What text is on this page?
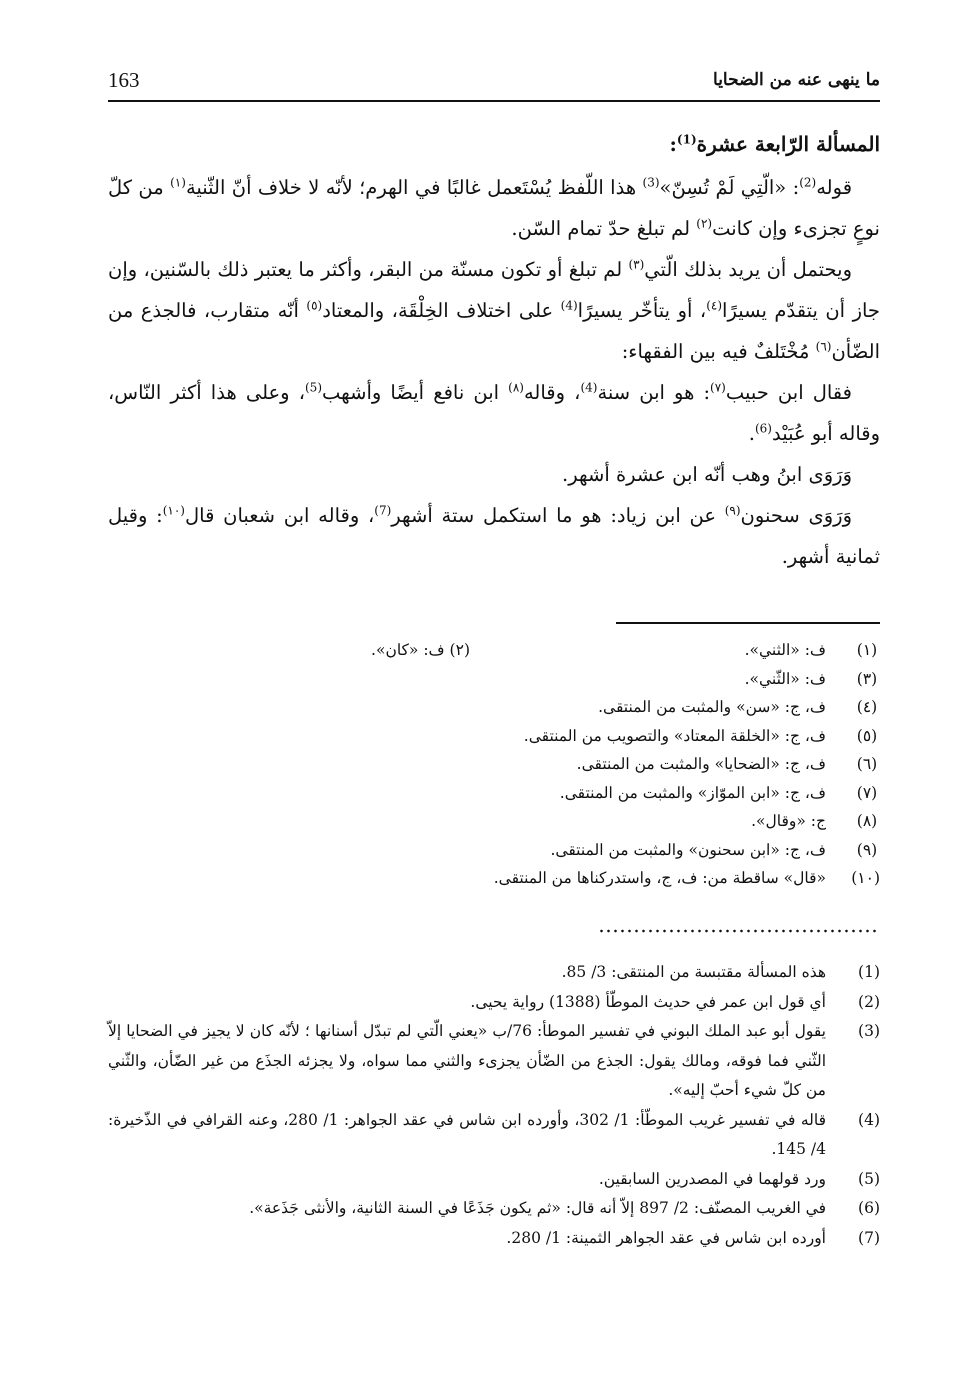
163	ما ينهى عنه من الضحايا

المسألة الرّابعة عشرة$^{(1)}$:

قوله$^{(2)}$: «الّتِي لَمْ تُسِنّ»$^{(3)}$ هذا اللّفظ يُسْتَعمل غالبًا في الهرم؛ لأنّه لا خلاف أنّ الثّنية$^{(١)}$ من كلّ نوعٍ تجزىء وإن كانت$^{(٢)}$ لم تبلغ حدّ تمام السّن.

ويحتمل أن يريد بذلك الّتي$^{(٣)}$ لم تبلغ أو تكون مسنّة من البقر، وأكثر ما يعتبر ذلك بالسّنين، وإن جاز أن يتقدّم يسيرًا$^{(٤)}$، أو يتأخّر يسيرًا$^{(4)}$ على اختلاف الخِلْقَة، والمعتاد$^{(٥)}$ أنّه متقارب، فالجذع من الضّأن$^{(٦)}$ مُخْتَلفٌ فيه بين الفقهاء:

فقال ابن حبيب$^{(٧)}$: هو ابن سنة$^{(4)}$، وقاله$^{(٨)}$ ابن نافع أيضًا وأشهب$^{(5)}$، وعلى هذا أكثر النّاس، وقاله أبو عُبَيْد$^{(6)}$.

وَرَوَى ابنُ وهب أنّه ابن عشرة أشهر.

وَرَوَى سحنون$^{(٩)}$ عن ابن زياد: هو ما استكمل ستة أشهر$^{(7)}$، وقاله ابن شعبان قال$^{(١٠)}$: وقيل ثمانية أشهر.

(١)
ف: «الثني».
(٢) ف: «كان».
(٣)
ف: «الثّني».
(٤)
ف، ج: «سن» والمثبت من المنتقى.
(٥)
ف، ج: «الخلقة المعتاد» والتصويب من المنتقى.
(٦)
ف، ج: «الضحايا» والمثبت من المنتقى.
(٧)
ف، ج: «ابن الموّاز» والمثبت من المنتقى.
(٨)
ج: «وقال».
(٩)
ف، ج: «ابن سحنون» والمثبت من المنتقى.
(١٠)
«قال» ساقطة من: ف، ج، واستدركناها من المنتقى.
(1)
هذه المسألة مقتبسة من المنتقى: 3/ 85.
(2)
أي قول ابن عمر في حديث الموطّأ (1388) رواية يحيى.
(3)
يقول أبو عبد الملك البوني في تفسير الموطأ: 76/ب «يعني الّتي لم تبدّل أسنانها ؛ لأنّه كان لا يجيز في الضحايا إلاّ الثّني فما فوقه، ومالك يقول: الجذع من الضّأن يجزىء والثني مما سواه، ولا يجزئه الجذَع من غير الضّأن، والثّني من كلّ شيء أحبّ إليه».
(4)
قاله في تفسير غريب الموطّأ: 1/ 302، وأورده ابن شاس في عقد الجواهر: 1/ 280، وعنه القرافي في الذّخيرة: 4/ 145.
(5)
ورد قولهما في المصدرين السابقين.
(6)
في الغريب المصنّف: 2/ 897 إلاّ أنه قال: «ثم يكون جَذَعًا في السنة الثانية، والأنثى جَذَعة».
(7)
أورده ابن شاس في عقد الجواهر الثمينة: 1/ 280.
